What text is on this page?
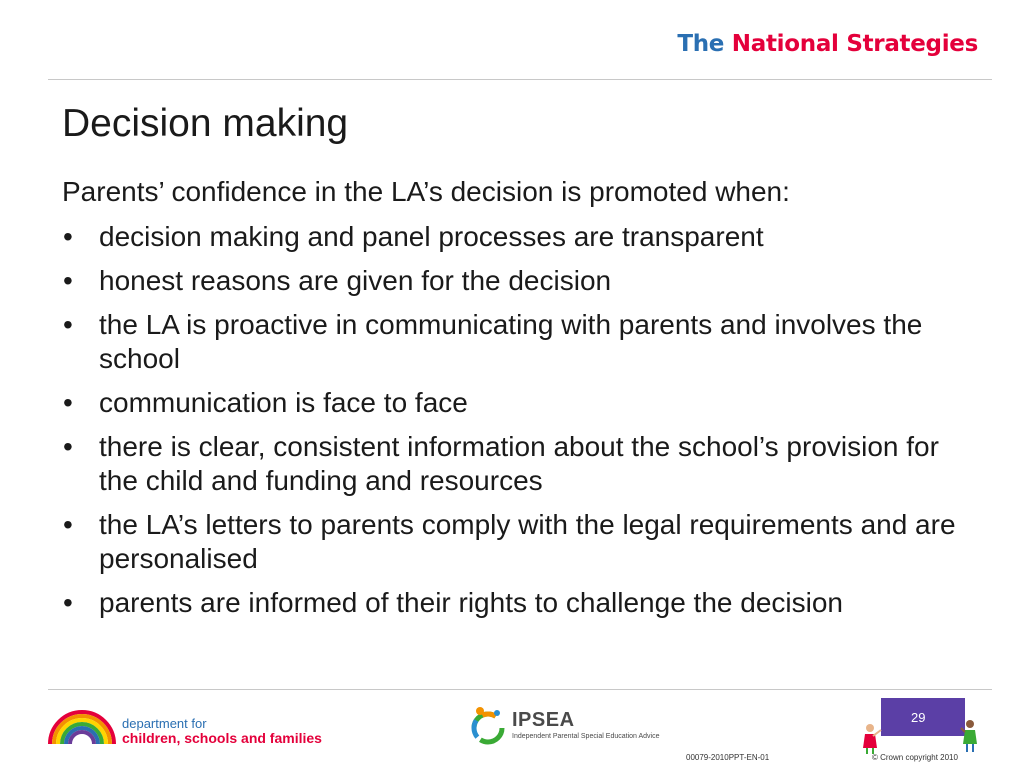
The National Strategies
Decision making

Parents’ confidence in the LA’s decision is promoted when:

• decision making and panel processes are transparent
• honest reasons are given for the decision
• the LA is proactive in communicating with parents and involves the school
• communication is face to face
• there is clear, consistent information about the school’s provision for the child and funding and resources
• the LA’s letters to parents comply with the legal requirements and are personalised
• parents are informed of their rights to challenge the decision
department for
children, schools and families
IPSEA
Independent Parental Special Education Advice
29
00079-2010PPT-EN-01	© Crown copyright 2010
